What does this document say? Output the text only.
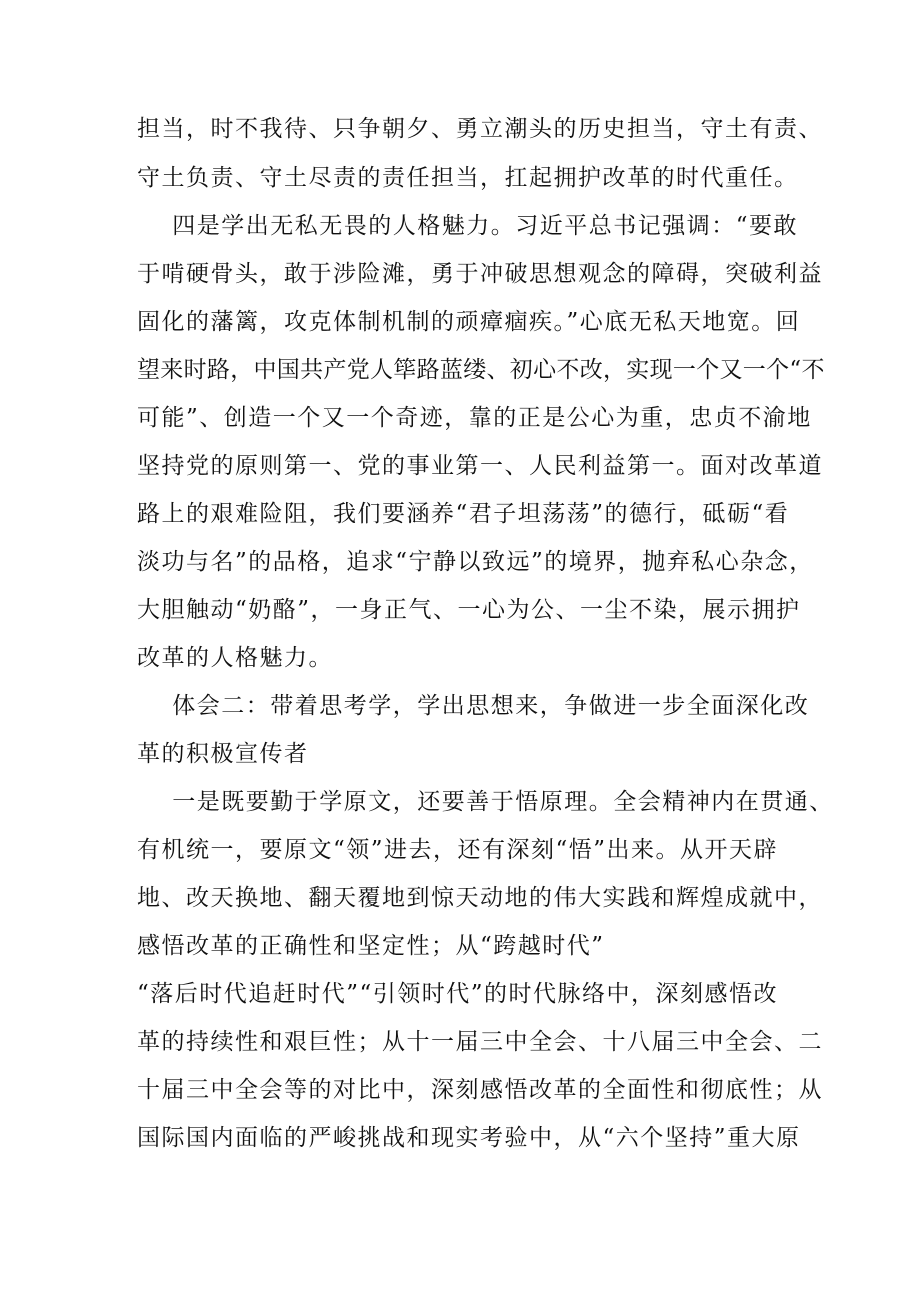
担当，时不我待、只争朝夕、勇立潮头的历史担当，守土有责、
守土负责、守土尽责的责任担当，扛起拥护改革的时代重任。
四是学出无私无畏的人格魅力。习近平总书记强调：“要敢
于啃硬骨头，敢于涉险滩，勇于冲破思想观念的障碍，突破利益
固化的藩篱，攻克体制机制的顽瘴痼疾。”心底无私天地宽。回
望来时路，中国共产党人筚路蓝缕、初心不改，实现一个又一个“不
可能”、创造一个又一个奇迹，靠的正是公心为重，忠贞不渝地
坚持党的原则第一、党的事业第一、人民利益第一。面对改革道
路上的艰难险阻，我们要涵养“君子坦荡荡”的德行，砥砺“看
淡功与名”的品格，追求“宁静以致远”的境界，抛弃私心杂念，
大胆触动“奶酪”，一身正气、一心为公、一尘不染，展示拥护
改革的人格魅力。
体会二：带着思考学，学出思想来，争做进一步全面深化改
革的积极宣传者
一是既要勤于学原文，还要善于悟原理。全会精神内在贯通、
有机统一，要原文“领”进去，还有深刻“悟”出来。从开天辟
地、改天换地、翻天覆地到惊天动地的伟大实践和辉煌成就中，
感悟改革的正确性和坚定性；从“跨越时代”
“落后时代追赶时代”“引领时代”的时代脉络中，深刻感悟改
革的持续性和艰巨性；从十一届三中全会、十八届三中全会、二
十届三中全会等的对比中，深刻感悟改革的全面性和彻底性；从
国际国内面临的严峻挑战和现实考验中，从“六个坚持”重大原
